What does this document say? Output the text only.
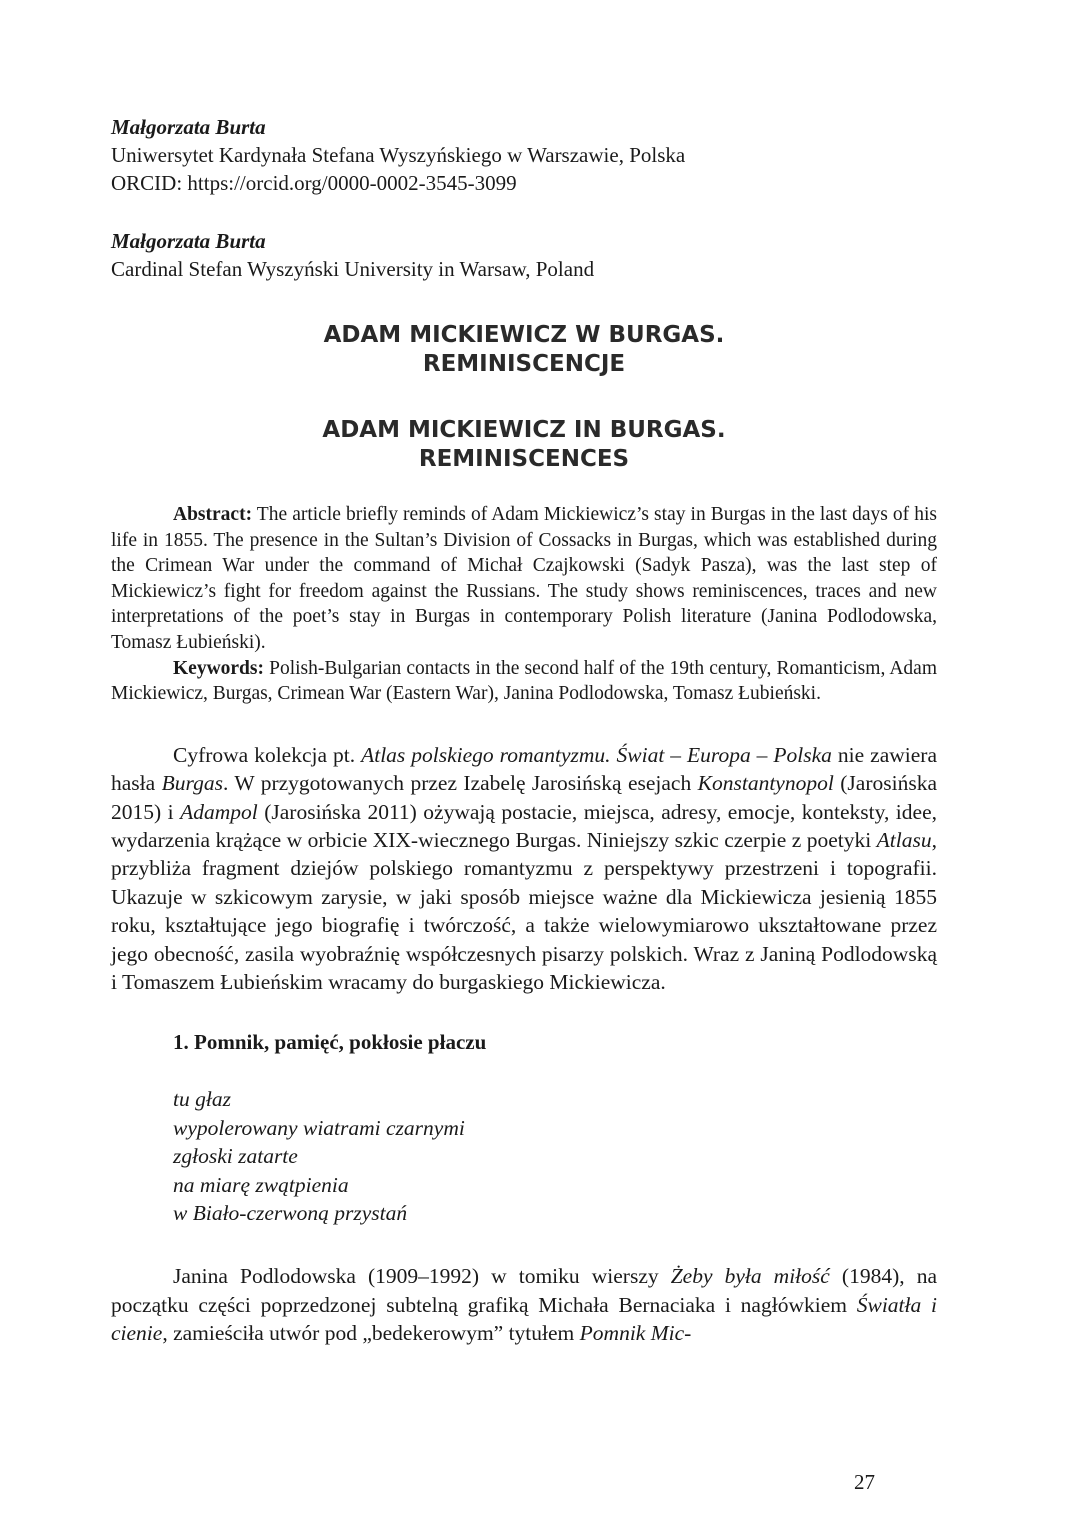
Małgorzata Burta
Uniwersytet Kardynała Stefana Wyszyńskiego w Warszawie, Polska
ORCID: https://orcid.org/0000-0002-3545-3099
Małgorzata Burta
Cardinal Stefan Wyszyński University in Warsaw, Poland
ADAM MICKIEWICZ W BURGAS.
REMINISCENCJE
ADAM MICKIEWICZ IN BURGAS.
REMINISCENCES

Abstract: The article briefly reminds of Adam Mickiewicz’s stay in Burgas in the last days of his life in 1855. The presence in the Sultan’s Division of Cossacks in Burgas, which was established during the Crimean War under the command of Michał Czajkowski (Sadyk Pasza), was the last step of Mickiewicz’s fight for freedom against the Russians. The study shows reminiscences, traces and new interpretations of the poet’s stay in Burgas in contemporary Polish literature (Janina Podlodowska, Tomasz Łubieński).

Keywords: Polish-Bulgarian contacts in the second half of the 19th century, Romanticism, Adam Mickiewicz, Burgas, Crimean War (Eastern War), Janina Podlodowska, Tomasz Łubieński.

Cyfrowa kolekcja pt. Atlas polskiego romantyzmu. Świat – Europa – Polska nie zawiera hasła Burgas. W przygotowanych przez Izabelę Jarosińską esejach Konstantynopol (Jarosińska 2015) i Adampol (Jarosińska 2011) ożywają postacie, miejsca, adresy, emocje, konteksty, idee, wydarzenia krążące w orbicie XIX-wiecznego Burgas. Niniejszy szkic czerpie z poetyki Atlasu, przybliża fragment dziejów polskiego romantyzmu z perspektywy przestrzeni i topografii. Ukazuje w szkicowym zarysie, w jaki sposób miejsce ważne dla Mickiewicza jesienią 1855 roku, kształtujące jego biografię i twórczość, a także wielowymiarowo ukształtowane przez jego obecność, zasila wyobraźnię współczesnych pisarzy polskich. Wraz z Janiną Podlodowską i Tomaszem Łubieńskim wracamy do burgaskiego Mickiewicza.

1. Pomnik, pamięć, pokłosie płaczu
tu głaz
wypolerowany wiatrami czarnymi
zgłoski zatarte
na miarę zwątpienia
w Biało-czerwoną przystań

Janina Podlodowska (1909–1992) w tomiku wierszy Żeby była miłość (1984), na początku części poprzedzonej subtelną grafiką Michała Bernaciaka i nagłówkiem Światła i cienie, zamieściła utwór pod „bedekerowym” tytułem Pomnik Mic-

27
